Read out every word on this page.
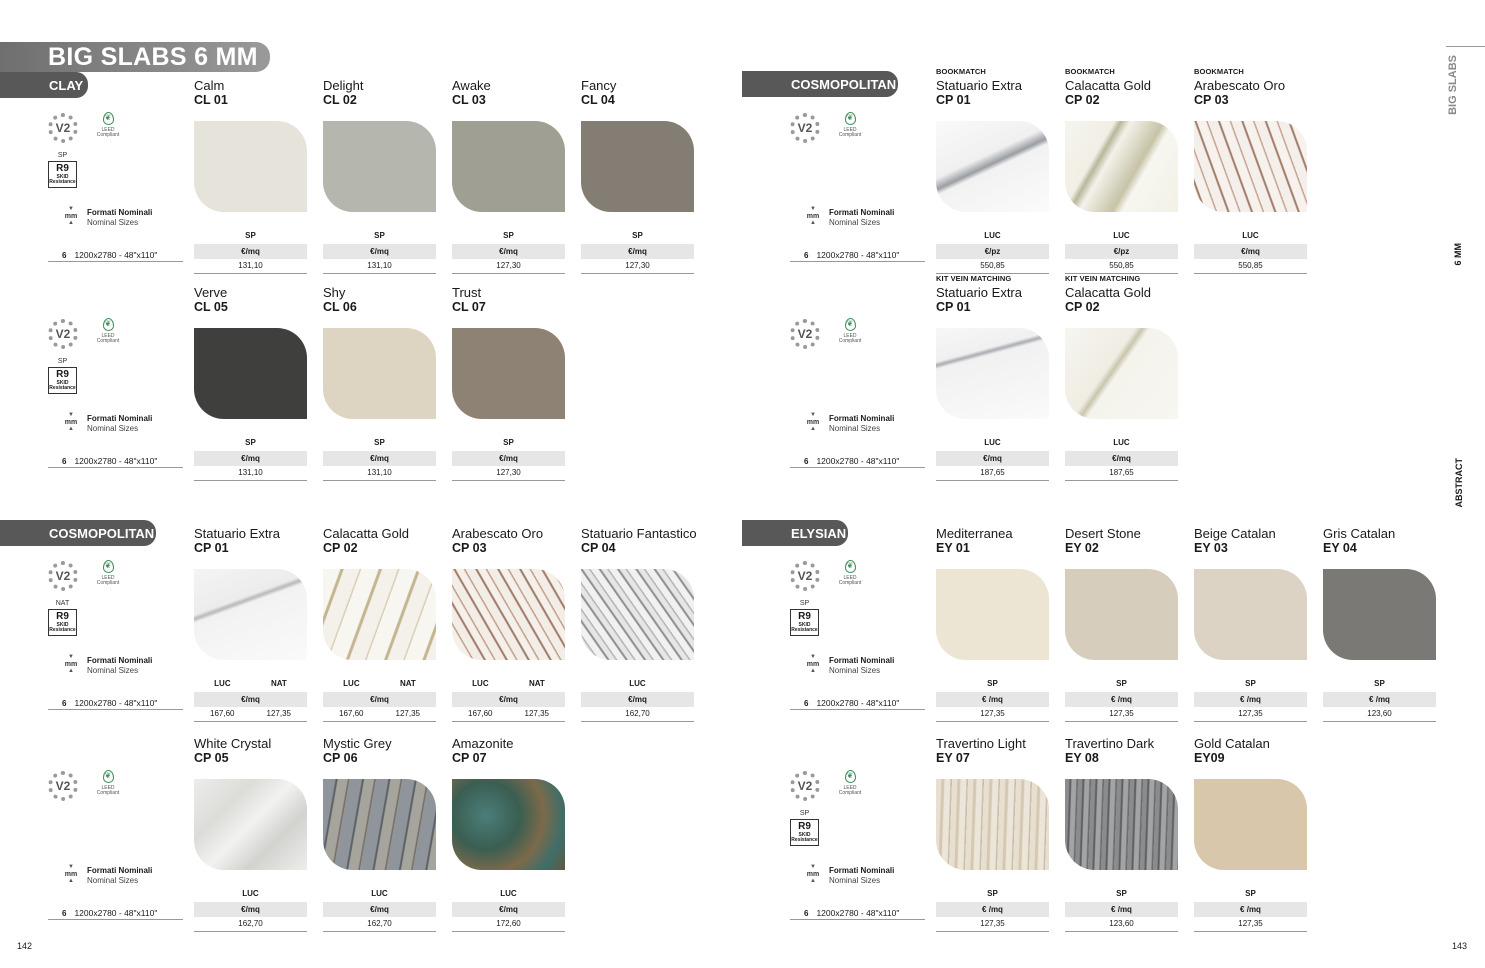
BIG SLABS 6 MM	BIG SLABS
6 MM
ABSTRACT
142	143
CLAY
V2
❦
LEED
Compliant
SP
R9
SKID
Resistance
▼
mm
▲
Formati Nominali
Nominal Sizes
6 1200x2780 - 48"x110"
Calm
CL 01
SP
€/mq
131,10
Delight
CL 02
SP
€/mq
131,10
Awake
CL 03
SP
€/mq
127,30
Fancy
CL 04
SP
€/mq
127,30
V2
❦
LEED
Compliant
SP
R9
SKID
Resistance
▼
mm
▲
Formati Nominali
Nominal Sizes
6 1200x2780 - 48"x110"
Verve
CL 05
SP
€/mq
131,10
Shy
CL 06
SP
€/mq
131,10
Trust
CL 07
SP
€/mq
127,30
COSMOPOLITAN
V2
❦
LEED
Compliant
▼
mm
▲
Formati Nominali
Nominal Sizes
6 1200x2780 - 48"x110"
BOOKMATCH
Statuario Extra
CP 01
LUC
€/pz
550,85
BOOKMATCH
Calacatta Gold
CP 02
LUC
€/pz
550,85
BOOKMATCH
Arabescato Oro
CP 03
LUC
€/mq
550,85
V2
❦
LEED
Compliant
▼
mm
▲
Formati Nominali
Nominal Sizes
6 1200x2780 - 48"x110"
KIT VEIN MATCHING
Statuario Extra
CP 01
LUC
€/mq
187,65
KIT VEIN MATCHING
Calacatta Gold
CP 02
LUC
€/mq
187,65
COSMOPOLITAN
V2
❦
LEED
Compliant
NAT
R9
SKID
Resistance
▼
mm
▲
Formati Nominali
Nominal Sizes
6 1200x2780 - 48"x110"
Statuario Extra
CP 01
LUC	NAT
€/mq
167,60	127,35
Calacatta Gold
CP 02
LUC	NAT
€/mq
167,60	127,35
Arabescato Oro
CP 03
LUC	NAT
€/mq
167,60	127,35
Statuario Fantastico
CP 04
LUC
€/mq
162,70
V2
❦
LEED
Compliant
▼
mm
▲
Formati Nominali
Nominal Sizes
6 1200x2780 - 48"x110"
White Crystal
CP 05
LUC
€/mq
162,70
Mystic Grey
CP 06
LUC
€/mq
162,70
Amazonite
CP 07
LUC
€/mq
172,60
ELYSIAN
V2
❦
LEED
Compliant
SP
R9
SKID
Resistance
▼
mm
▲
Formati Nominali
Nominal Sizes
6 1200x2780 - 48"x110"
Mediterranea
EY 01
SP
€ /mq
127,35
Desert Stone
EY 02
SP
€ /mq
127,35
Beige Catalan
EY 03
SP
€ /mq
127,35
Gris Catalan
EY 04
SP
€ /mq
123,60
V2
❦
LEED
Compliant
SP
R9
SKID
Resistance
▼
mm
▲
Formati Nominali
Nominal Sizes
6 1200x2780 - 48"x110"
Travertino Light
EY 07
SP
€ /mq
127,35
Travertino Dark
EY 08
SP
€ /mq
123,60
Gold Catalan
EY09
SP
€ /mq
127,35
